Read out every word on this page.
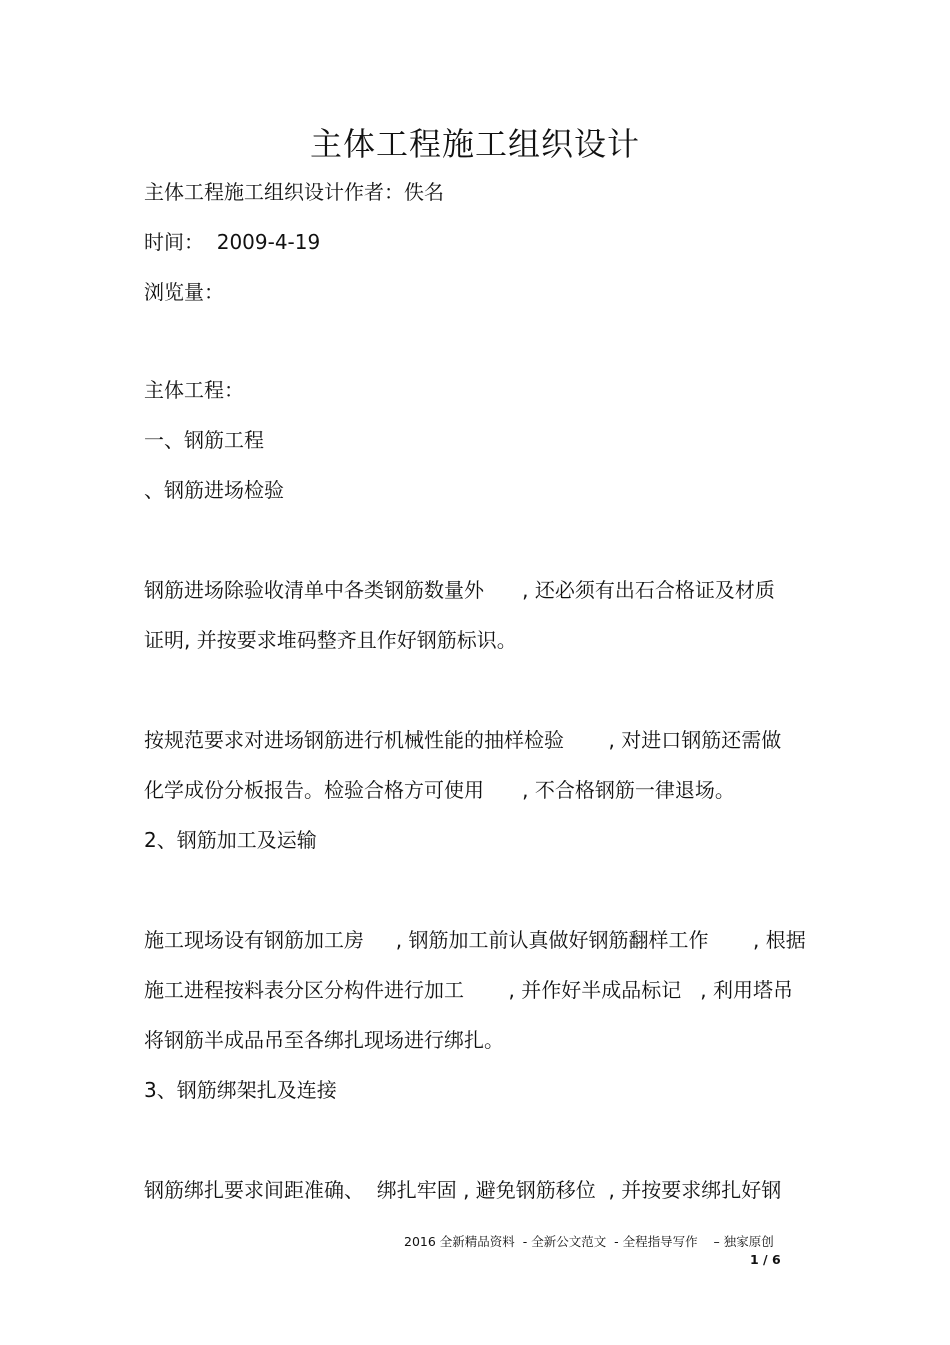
主体工程施工组织设计
主体工程施工组织设计作者：佚名
时间：  2009-4-19
浏览量：
主体工程：
一、钢筋工程
、钢筋进场检验
钢筋进场除验收清单中各类钢筋数量外      , 还必须有出石合格证及材质
证明, 并按要求堆码整齐且作好钢筋标识。
按规范要求对进场钢筋进行机械性能的抽样检验       , 对进口钢筋还需做
化学成份分板报告。检验合格方可使用      , 不合格钢筋一律退场。
2、钢筋加工及运输
施工现场设有钢筋加工房     , 钢筋加工前认真做好钢筋翻样工作       , 根据
施工进程按料表分区分构件进行加工       , 并作好半成品标记   , 利用塔吊
将钢筋半成品吊至各绑扎现场进行绑扎。
3、钢筋绑架扎及连接
钢筋绑扎要求间距准确、  绑扎牢固 , 避免钢筋移位  , 并按要求绑扎好钢
2016 全新精品资料  - 全新公文范文  - 全程指导写作    – 独家原创
1 / 6
